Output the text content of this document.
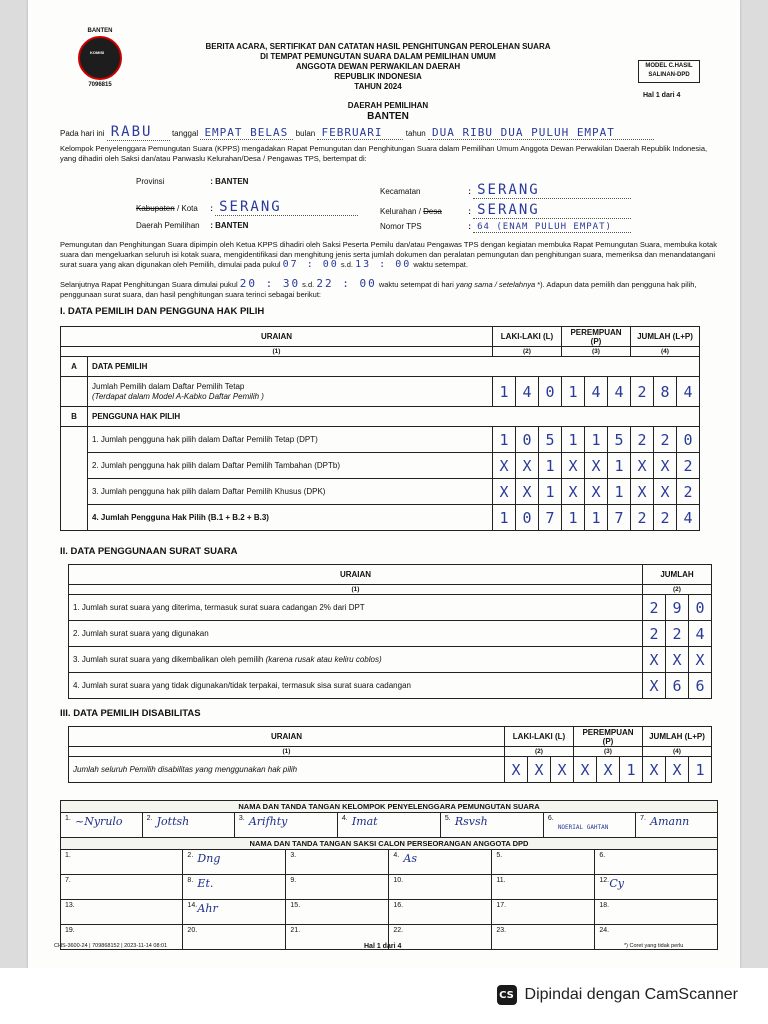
BANTEN
KOMISI
7096815
BERITA ACARA, SERTIFIKAT DAN CATATAN HASIL PENGHITUNGAN PEROLEHAN SUARA
DI TEMPAT PEMUNGUTAN SUARA DALAM PEMILIHAN UMUM
ANGGOTA DEWAN PERWAKILAN DAERAH
REPUBLIK INDONESIA
TAHUN 2024
MODEL C.HASIL
SALINAN-DPD
Hal 1 dari 4
DAERAH PEMILIHAN
BANTEN
Pada hari ini RABU tanggal EMPAT BELAS bulan FEBRUARI	tahun DUA RIBU DUA PULUH EMPAT
Kelompok Penyelenggara Pemungutan Suara (KPPS) mengadakan Rapat Pemungutan dan Penghitungan Suara dalam Pemilihan Umum Anggota Dewan Perwakilan Daerah Republik Indonesia, yang dihadiri oleh Saksi dan/atau Panwaslu Kelurahan/Desa / Pengawas TPS, bertempat di:
Provinsi	: BANTEN
Kabupaten / Kota : SERANG
Daerah Pemilihan : BANTEN
Kecamatan	: SERANG
Kelurahan / Desa	: SERANG
Nomor TPS	: 64 (ENAM PULUH EMPAT)
Pemungutan dan Penghitungan Suara dipimpin oleh Ketua KPPS dihadiri oleh Saksi Peserta Pemilu dan/atau Pengawas TPS dengan kegiatan membuka Rapat Pemungutan Suara, membuka kotak suara dan mengeluarkan seluruh isi kotak suara, mengidentifikasi dan menghitung jenis serta jumlah dokumen dan peralatan pemungutan dan penghitungan suara, memeriksa dan menandatangani surat suara yang akan digunakan oleh Pemilih, dimulai pada pukul 07 : 00 s.d. 13 : 00 waktu setempat.
Selanjutnya Rapat Penghitungan Suara dimulai pukul 20 : 30 s.d. 22 : 00 waktu setempat di hari yang sama / setelahnya *). Adapun data pemilih dan pengguna hak pilih, penggunaan surat suara, dan hasil penghitungan suara terinci sebagai berikut:
I. DATA PEMILIH DAN PENGGUNA HAK PILIH
URAIAN		LAKI-LAKI (L)			PEREMPUAN (P)			JUMLAH (L+P)		
(1)		(2)			(3)			(4)		
A	DATA PEMILIH									

	Jumlah Pemilih dalam Daftar Pemilih Tetap
(Terdapat dalam Model A-Kabko Daftar Pemilih )	1	4	0	1	4	4	2	8	4
B	PENGGUNA HAK PILIH									
	1. Jumlah pengguna hak pilih dalam Daftar Pemilih Tetap (DPT)	1	0	5	1	1	5	2	2	0
	2. Jumlah pengguna hak pilih dalam Daftar Pemilih Tambahan (DPTb)	X	X	1	X	X	1	X	X	2
	3. Jumlah pengguna hak pilih dalam Daftar Pemilih Khusus (DPK)	X	X	1	X	X	1	X	X	2
	4. Jumlah Pengguna Hak Pilih (B.1 + B.2 + B.3)	1	0	7	1	1	7	2	2	4
II. DATA PENGGUNAAN SURAT SUARA
URAIAN	JUMLAH		
(1)	(2)		
1. Jumlah surat suara yang diterima, termasuk surat suara cadangan 2% dari DPT	2	9	0
2. Jumlah surat suara yang digunakan	2	2	4
3. Jumlah surat suara yang dikembalikan oleh pemilih (karena rusak atau keliru coblos)	X	X	X
4. Jumlah surat suara yang tidak digunakan/tidak terpakai, termasuk sisa surat suara cadangan	X	6	6
III. DATA PEMILIH DISABILITAS
URAIAN	LAKI-LAKI (L)			PEREMPUAN (P)			JUMLAH (L+P)		
(1)	(2)			(3)			(4)		
Jumlah seluruh Pemilih disabilitas yang menggunakan hak pilih	X	X	X	X	X	1	X	X	1
NAMA DAN TANDA TANGAN KELOMPOK PENYELENGGARA PEMUNGUTAN SUARA											
1. ~Nyrulo	2. Jottsh		3. Arifhty		4. Imat		5. Rsvsh		6.
NOERIAL GAHTAN		7. Amann

NAMA DAN TANDA TANGAN SAKSI CALON PERSEORANGAN ANGGOTA DPD											
1.		2. Dng		3.		4. As		5.		6.	
7.		8. Et.		9.		10.		11.		12. Cy	

13.		14. Ahr		15.		16.		17.		18.	
19.		20.		21.		22.		23.		24.	
CHS-3600-24 | 709868152 | 2023-11-14 08:01	Hal 1 dari 4	*) Coret yang tidak perlu
CS Dipindai dengan CamScanner
